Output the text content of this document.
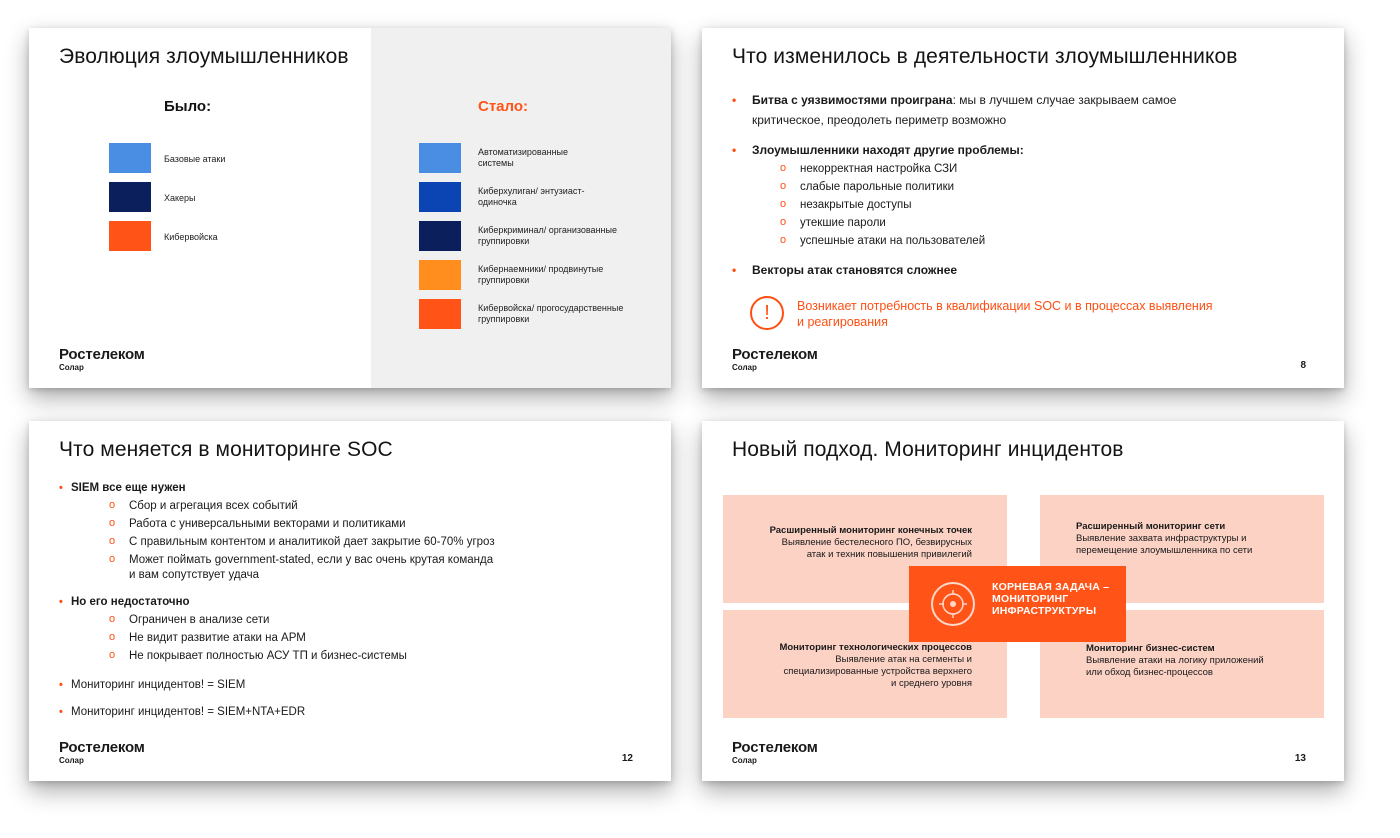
Эволюция злоумышленников
Было:	Стало:
Базовые атаки
Хакеры
Кибервойска
Автоматизированные системы
Киберхулиган/ энтузиаст-одиночка
Киберкриминал/ организованные группировки
Кибернаемники/ продвинутые группировки
Кибервойска/ прогосударственные группировки
Ростелеком
Солар
Что изменилось в деятельности злоумышленников
• Битва с уязвимостями проиграна: мы в лучшем случае закрываем самое
критическое, преодолеть периметр возможно
• Злоумышленники находят другие проблемы:
o некорректная настройка СЗИ
o слабые парольные политики
o незакрытые доступы
o утекшие пароли
o успешные атаки на пользователей
• Векторы атак становятся сложнее
!	Возникает потребность в квалификации SOC и в процессах выявления
и реагирования
Ростелеком
Солар	8
Что меняется в мониторинге SOC
• SIEM все еще нужен
o Сбор и агрегация всех событий
o Работа с универсальными векторами и политиками
o С правильным контентом и аналитикой дает закрытие 60-70% угроз
o Может поймать government-stated, если у вас очень крутая команда
и вам сопутствует удача
• Но его недостаточно
o Ограничен в анализе сети
o Не видит развитие атаки на АРМ
o Не покрывает полностью АСУ ТП и бизнес-системы
• Мониторинг инцидентов! = SIEM
• Мониторинг инцидентов! = SIEM+NTA+EDR
Ростелеком
Солар	12
Новый подход. Мониторинг инцидентов
Расширенный мониторинг конечных точек
Выявление бестелесного ПО, безвирусных
атак и техник повышения привилегий
Расширенный мониторинг сети
Выявление захвата инфраструктуры и
перемещение злоумышленника по сети
Мониторинг технологических процессов
Выявление атак на сегменты и
специализированные устройства верхнего
и среднего уровня
Мониторинг бизнес-систем
Выявление атаки на логику приложений
или обход бизнес-процессов
КОРНЕВАЯ ЗАДАЧА –
МОНИТОРИНГ
ИНФРАСТРУКТУРЫ
Ростелеком
Солар	13
